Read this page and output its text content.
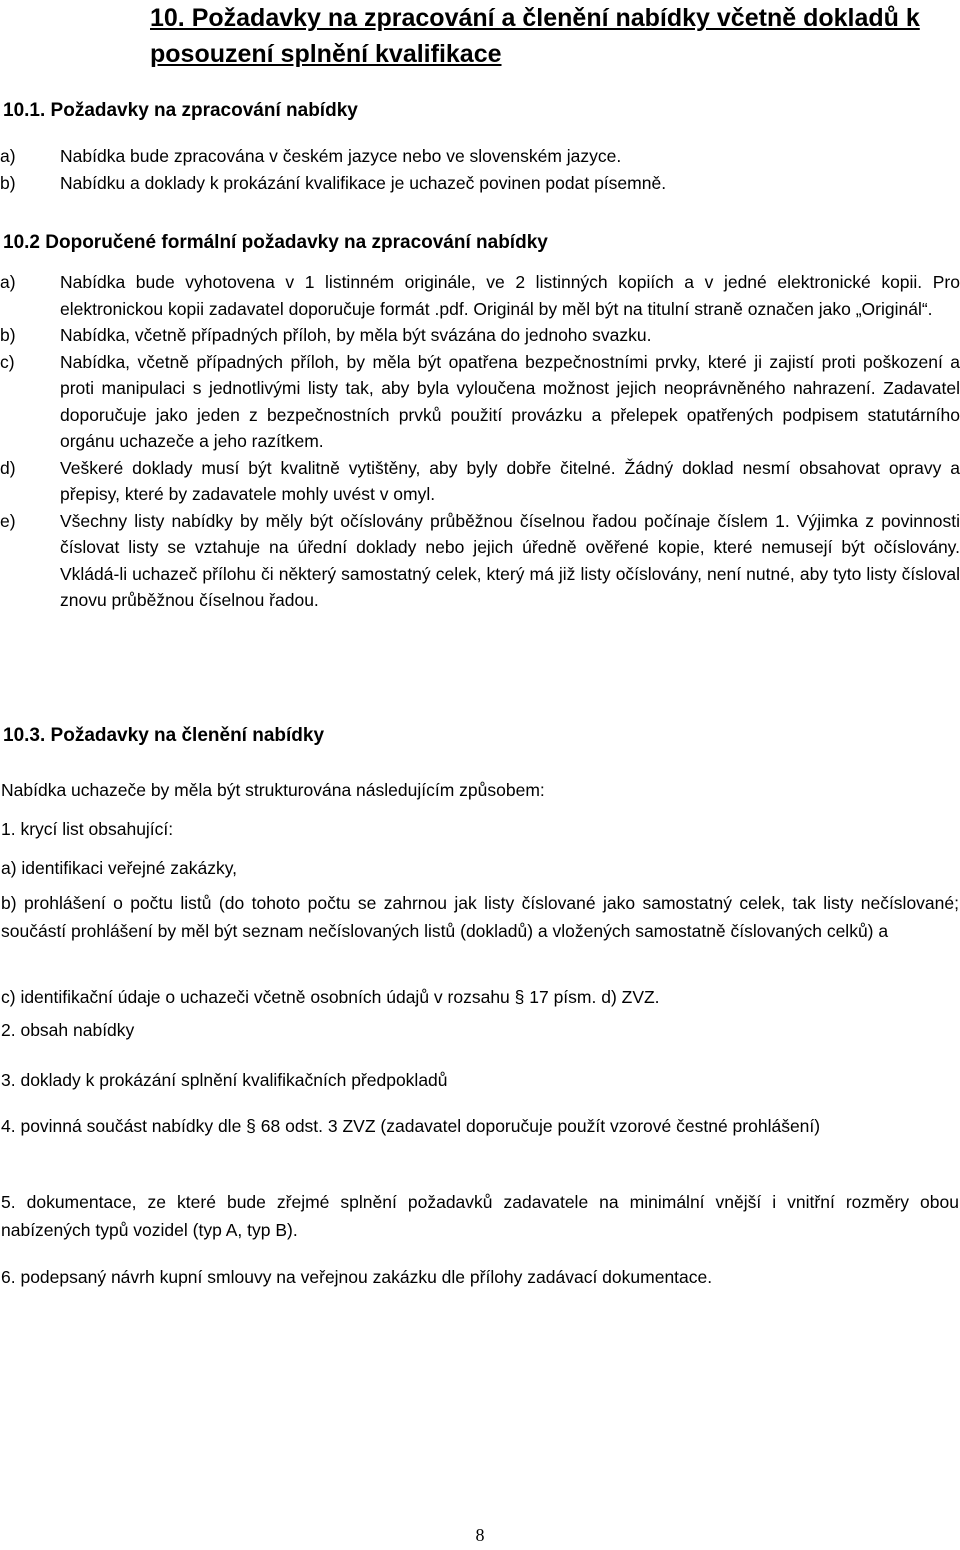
10. Požadavky na zpracování a členění nabídky včetně dokladů k posouzení splnění kvalifikace
10.1. Požadavky na zpracování nabídky
a)	Nabídka bude zpracována v českém jazyce nebo ve slovenském jazyce.
b)	Nabídku a doklady k prokázání kvalifikace je uchazeč povinen podat písemně.
10.2 Doporučené formální požadavky na zpracování nabídky
a)	Nabídka bude vyhotovena v 1 listinném originále, ve 2 listinných kopiích a v jedné elektronické kopii. Pro elektronickou kopii zadavatel doporučuje formát .pdf. Originál by měl být na titulní straně označen jako „Originál“.
b)	Nabídka, včetně případných příloh, by měla být svázána do jednoho svazku.
c)	Nabídka, včetně případných příloh, by měla být opatřena bezpečnostními prvky, které ji zajistí proti poškození a proti manipulaci s jednotlivými listy tak, aby byla vyloučena možnost jejich neoprávněného nahrazení. Zadavatel doporučuje jako jeden z bezpečnostních prvků použití provázku a přelepek opatřených podpisem statutárního orgánu uchazeče a jeho razítkem.
d)	Veškeré doklady musí být kvalitně vytištěny, aby byly dobře čitelné. Žádný doklad nesmí obsahovat opravy a přepisy, které by zadavatele mohly uvést v omyl.
e)	Všechny listy nabídky by měly být očíslovány průběžnou číselnou řadou počínaje číslem 1. Výjimka z povinnosti číslovat listy se vztahuje na úřední doklady nebo jejich úředně ověřené kopie, které nemusejí být očíslovány. Vkládá-li uchazeč přílohu či některý samostatný celek, který má již listy očíslovány, není nutné, aby tyto listy čísloval znovu průběžnou číselnou řadou.
10.3. Požadavky na členění nabídky
Nabídka uchazeče by měla být strukturována následujícím způsobem:
1. krycí list obsahující:
a) identifikaci veřejné zakázky,
b) prohlášení o počtu listů (do tohoto počtu se zahrnou jak listy číslované jako samostatný celek, tak listy nečíslované; součástí prohlášení by měl být seznam nečíslovaných listů (dokladů) a vložených samostatně číslovaných celků) a
c) identifikační údaje o uchazeči včetně osobních údajů v rozsahu § 17 písm. d) ZVZ.
2. obsah nabídky
3. doklady k prokázání splnění kvalifikačních předpokladů
4. povinná součást nabídky dle § 68 odst. 3 ZVZ (zadavatel doporučuje použít vzorové čestné prohlášení)
5. dokumentace, ze které bude zřejmé splnění požadavků zadavatele na minimální vnější i vnitřní rozměry obou nabízených typů vozidel (typ A, typ B).
6. podepsaný návrh kupní smlouvy na veřejnou zakázku dle přílohy zadávací dokumentace.
8
